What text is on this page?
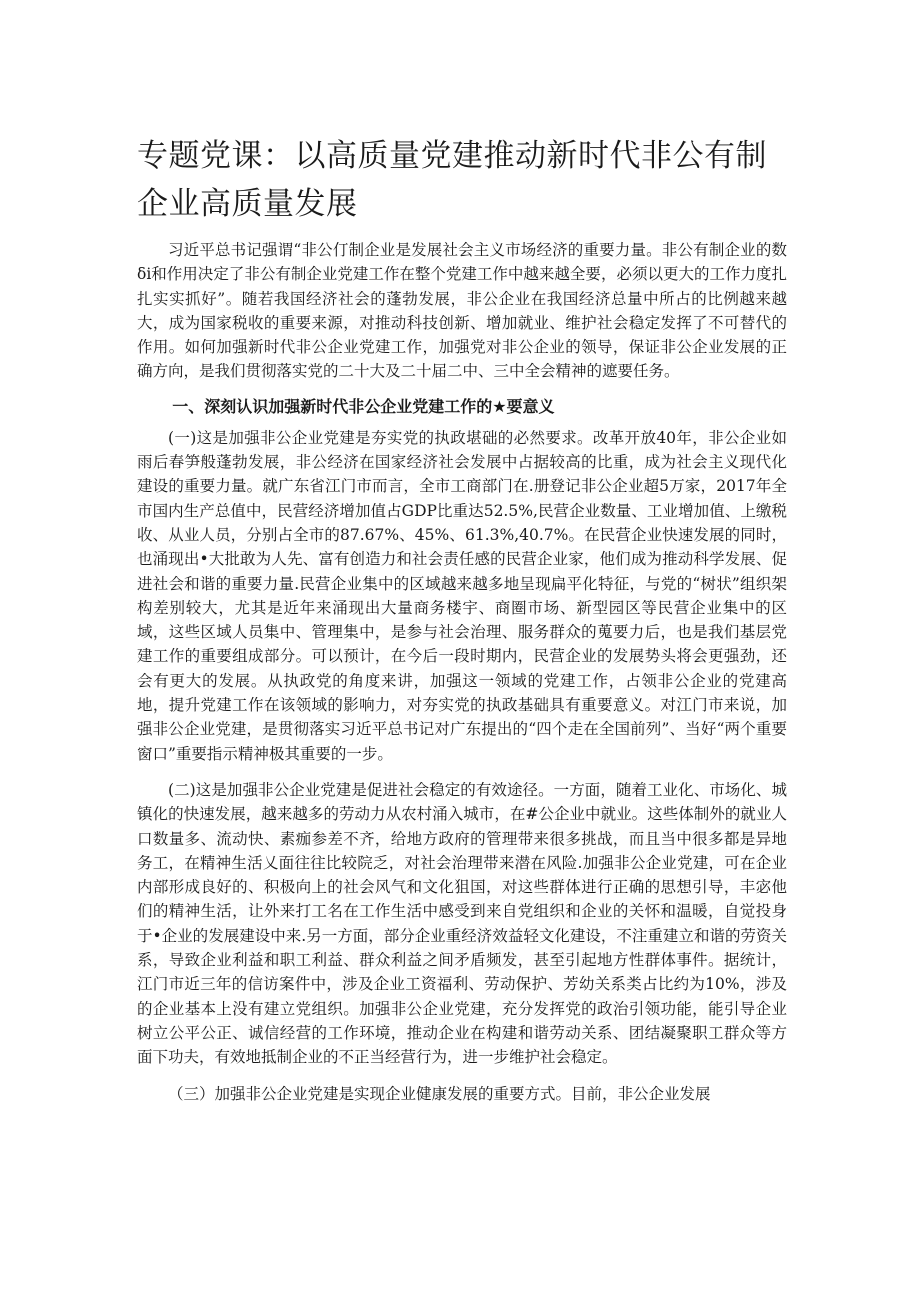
专题党课：以高质量党建推动新时代非公有制企业高质量发展

习近平总书记强谓“非公仃制企业是发展社会主义市场经济的重要力量。非公有制企业的数δi和作用决定了非公有制企业党建工作在整个党建工作中越来越全要，必须以更大的工作力度扎扎实实抓好”。随若我国经济社会的蓬勃发展，非公企业在我国经济总量中所占的比例越来越大，成为国家税收的重要来源，对推动科技创新、增加就业、维护社会稳定发挥了不可替代的作用。如何加强新时代非公企业党建工作，加强党对非公企业的领导，保证非公企业发展的正确方向，是我们贯彻落实党的二十大及二十届二中、三中全会精神的遮要任务。

一、深刻认识加强新时代非公企业党建工作的★要意义

(一)这是加强非公企业党建是夯实党的执政堪础的必然要求。改革开放40年，非公企业如雨后春笋般蓬勃发展，非公经济在国家经济社会发展中占据较高的比重，成为社会主义现代化建设的重要力量。就广东省江门市而言，全市工商部门在.册登记非公企业超5万家，2017年全市国内生产总值中，民营经济增加值占GDP比重达52.5%,民营企业数量、工业增加值、上缴税收、从业人员，分别占全市的87.67%、45%、61.3%,40.7%。在民营企业快速发展的同时，也涌现出•大批敢为人先、富有创造力和社会责任感的民营企业家，他们成为推动科学发展、促进社会和谐的重要力量.民营企业集中的区域越来越多地呈现扁平化特征，与党的“树状”组织架构差别较大，尤其是近年来涌现出大量商务楼宇、商圈市场、新型园区等民营企业集中的区域，这些区域人员集中、管理集中，是参与社会治理、服务群众的蒐要力后，也是我们基层党建工作的重要组成部分。可以预计，在今后一段时期内，民营企业的发展势头将会更强劲，还会有更大的发展。从执政党的角度来讲，加强这一领域的党建工作，占领非公企业的党建高地，提升党建工作在该领域的影响力，对夯实党的执政基础具有重要意义。对江门市来说，加强非公企业党建，是贯彻落实习近平总书记对广东提出的“四个走在全国前列”、当好“两个重要窗口”重要指示精神极其重要的一步。

(二)这是加强非公企业党建是促进社会稳定的有效途径。一方面，随着工业化、市场化、城镇化的快速发展，越来越多的劳动力从农村涌入城市，在#公企业中就业。这些体制外的就业人口数量多、流动快、素痂参差不齐，给地方政府的管理带来很多挑战，而且当中很多都是异地务工，在精神生活乂面往往比较院乏，对社会治理带来潜在风险.加强非公企业党建，可在企业内部形成良好的、积极向上的社会风气和文化狙国，对这些群体进行正确的思想引导，丰宓他们的精神生活，让外来打工名在工作生活中感受到来自党组织和企业的关怀和温暖，自觉投身于•企业的发展建设中来.另一方面，部分企业重经济效益轻文化建设，不注重建立和谐的劳资关系，导致企业利益和职工利益、群众利益之间矛盾频发，甚至引起地方性群体事件。据统计，江门市近三年的信访案件中，涉及企业工资福利、劳动保护、芳幼关系类占比约为10%，涉及的企业基本上没有建立党组织。加强非公企业党建，充分发挥党的政治引领功能，能引导企业树立公平公正、诚信经营的工作环境，推动企业在构建和谐劳动关系、团结凝聚职工群众等方面下功夫，有效地抵制企业的不正当经营行为，进一步维护社会稳定。

（三）加强非公企业党建是实现企业健康发展的重要方式。目前，非公企业发展
